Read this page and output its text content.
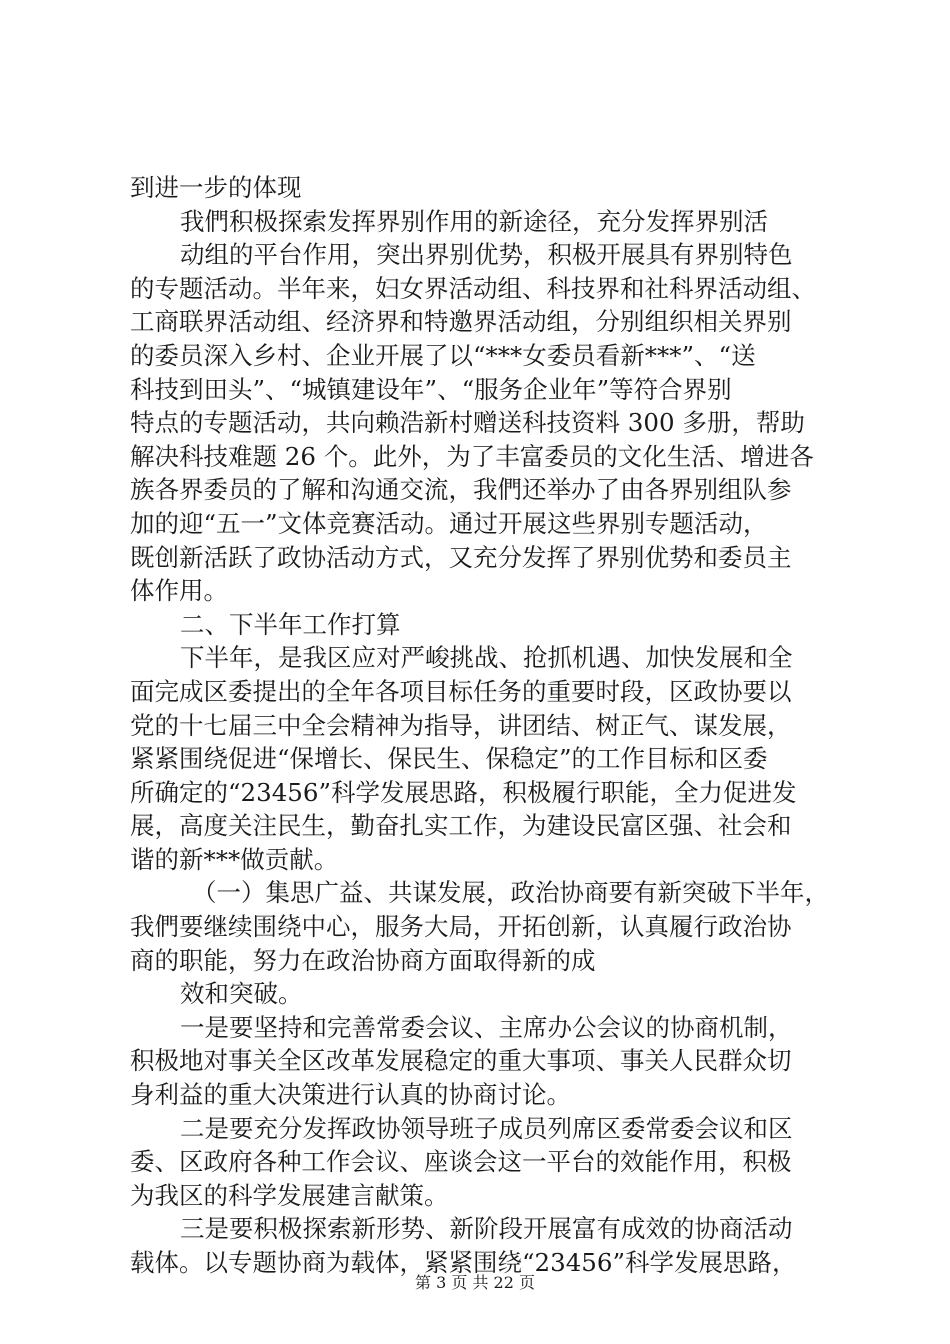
到进一步的体现
我們积极探索发挥界别作用的新途径，充分发挥界别活
动组的平台作用，突出界别优势，积极开展具有界别特色
的专题活动。半年来，妇女界活动组、科技界和社科界活动组、
工商联界活动组、经济界和特邀界活动组，分别组织相关界别
的委员深入乡村、企业开展了以“***女委员看新***”、“送
科技到田头”、“城镇建设年”、“服务企业年”等符合界别
特点的专题活动，共向赖浩新村赠送科技资料 300 多册，帮助
解决科技难题 26 个。此外，为了丰富委员的文化生活、增进各
族各界委员的了解和沟通交流，我們还举办了由各界别组队参
加的迎“五一”文体竞赛活动。通过开展这些界别专题活动，
既创新活跃了政协活动方式，又充分发挥了界别优势和委员主
体作用。
二、下半年工作打算
下半年，是我区应对严峻挑战、抢抓机遇、加快发展和全
面完成区委提出的全年各项目标任务的重要时段，区政协要以
党的十七届三中全会精神为指导，讲团结、树正气、谋发展，
紧紧围绕促进“保增长、保民生、保稳定”的工作目标和区委
所确定的“23456”科学发展思路，积极履行职能，全力促进发
展，高度关注民生，勤奋扎实工作，为建设民富区强、社会和
谐的新***做贡献。
（一）集思广益、共谋发展，政治协商要有新突破下半年，
我們要继续围绕中心，服务大局，开拓创新，认真履行政治协
商的职能，努力在政治协商方面取得新的成
效和突破。
一是要坚持和完善常委会议、主席办公会议的协商机制，
积极地对事关全区改革发展稳定的重大事项、事关人民群众切
身利益的重大决策进行认真的协商讨论。
二是要充分发挥政协领导班子成员列席区委常委会议和区
委、区政府各种工作会议、座谈会这一平台的效能作用，积极
为我区的科学发展建言献策。
三是要积极探索新形势、新阶段开展富有成效的协商活动
载体。以专题协商为载体，紧紧围绕“23456”科学发展思路，
第 3 页 共 22 页
